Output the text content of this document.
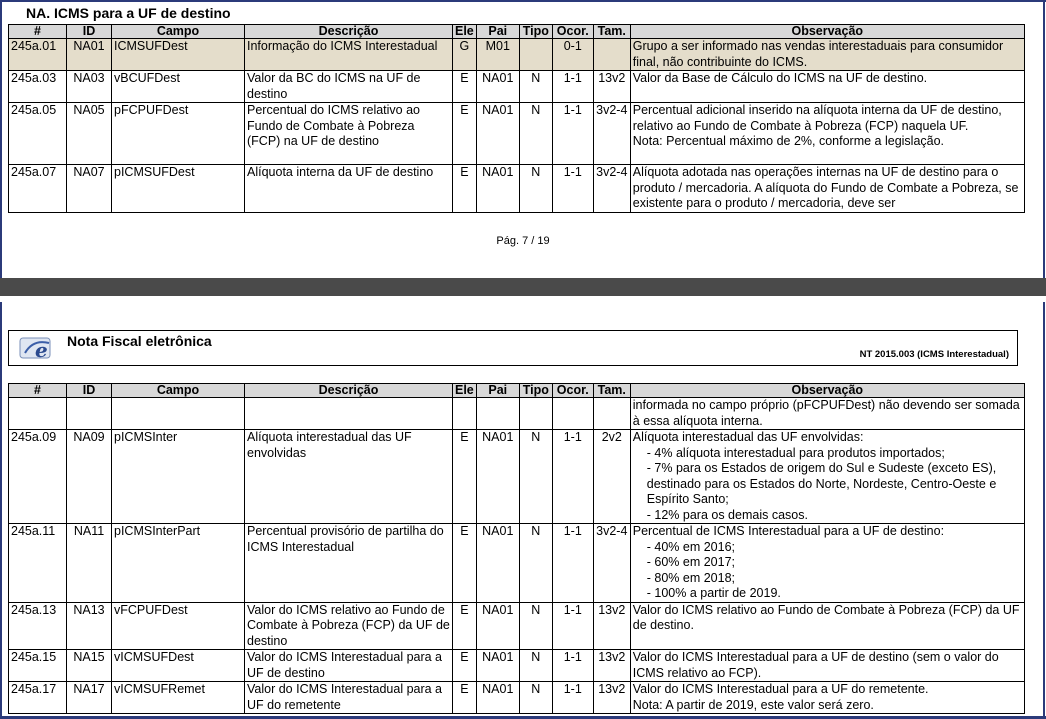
NA. ICMS para a UF de destino
#	ID	Campo	Descrição	Ele	Pai	Tipo	Ocor.	Tam.	Observação
245a.01	NA01	ICMSUFDest	Informação do ICMS Interestadual	G	M01		0-1		Grupo a ser informado nas vendas interestaduais para consumidor final, não contribuinte do ICMS.
245a.03	NA03	vBCUFDest	Valor da BC do ICMS na UF de destino	E	NA01	N	1-1	13v2	Valor da Base de Cálculo do ICMS na UF de destino.
245a.05	NA05	pFCPUFDest	Percentual do ICMS relativo ao Fundo de Combate à Pobreza (FCP) na UF de destino	E	NA01	N	1-1	3v2-4	Percentual adicional inserido na alíquota interna da UF de destino, relativo ao Fundo de Combate à Pobreza (FCP) naquela UF.
Nota: Percentual máximo de 2%, conforme a legislação.

245a.07	NA07	pICMSUFDest	Alíquota interna da UF de destino	E	NA01	N	1-1	3v2-4	Alíquota adotada nas operações internas na UF de destino para o produto / mercadoria. A alíquota do Fundo de Combate a Pobreza, se existente para o produto / mercadoria, deve ser
Pág. 7 / 19
e Nota Fiscal eletrônica
NT 2015.003 (ICMS Interestadual)
#	ID	Campo	Descrição	Ele	Pai	Tipo	Ocor.	Tam.	Observação
									informada no campo próprio (pFCPUFDest) não devendo ser somada à essa alíquota interna.
245a.09	NA09	pICMSInter	Alíquota interestadual das UF envolvidas	E	NA01	N	1-1	2v2	Alíquota interestadual das UF envolvidas:
- 4% alíquota interestadual para produtos importados;
- 7% para os Estados de origem do Sul e Sudeste (exceto ES), destinado para os Estados do Norte, Nordeste, Centro-Oeste e Espírito Santo;
- 12% para os demais casos.

245a.11	NA11	pICMSInterPart	Percentual provisório de partilha do ICMS Interestadual	E	NA01	N	1-1	3v2-4	Percentual de ICMS Interestadual para a UF de destino:
- 40% em 2016;
- 60% em 2017;
- 80% em 2018;
- 100% a partir de 2019.

245a.13	NA13	vFCPUFDest	Valor do ICMS relativo ao Fundo de Combate à Pobreza (FCP) da UF de destino	E	NA01	N	1-1	13v2	Valor do ICMS relativo ao Fundo de Combate à Pobreza (FCP) da UF de destino.
245a.15	NA15	vICMSUFDest	Valor do ICMS Interestadual para a UF de destino	E	NA01	N	1-1	13v2	Valor do ICMS Interestadual para a UF de destino (sem o valor do ICMS relativo ao FCP).
245a.17	NA17	vICMSUFRemet	Valor do ICMS Interestadual para a UF do remetente	E	NA01	N	1-1	13v2	Valor do ICMS Interestadual para a UF do remetente.
Nota: A partir de 2019, este valor será zero.
